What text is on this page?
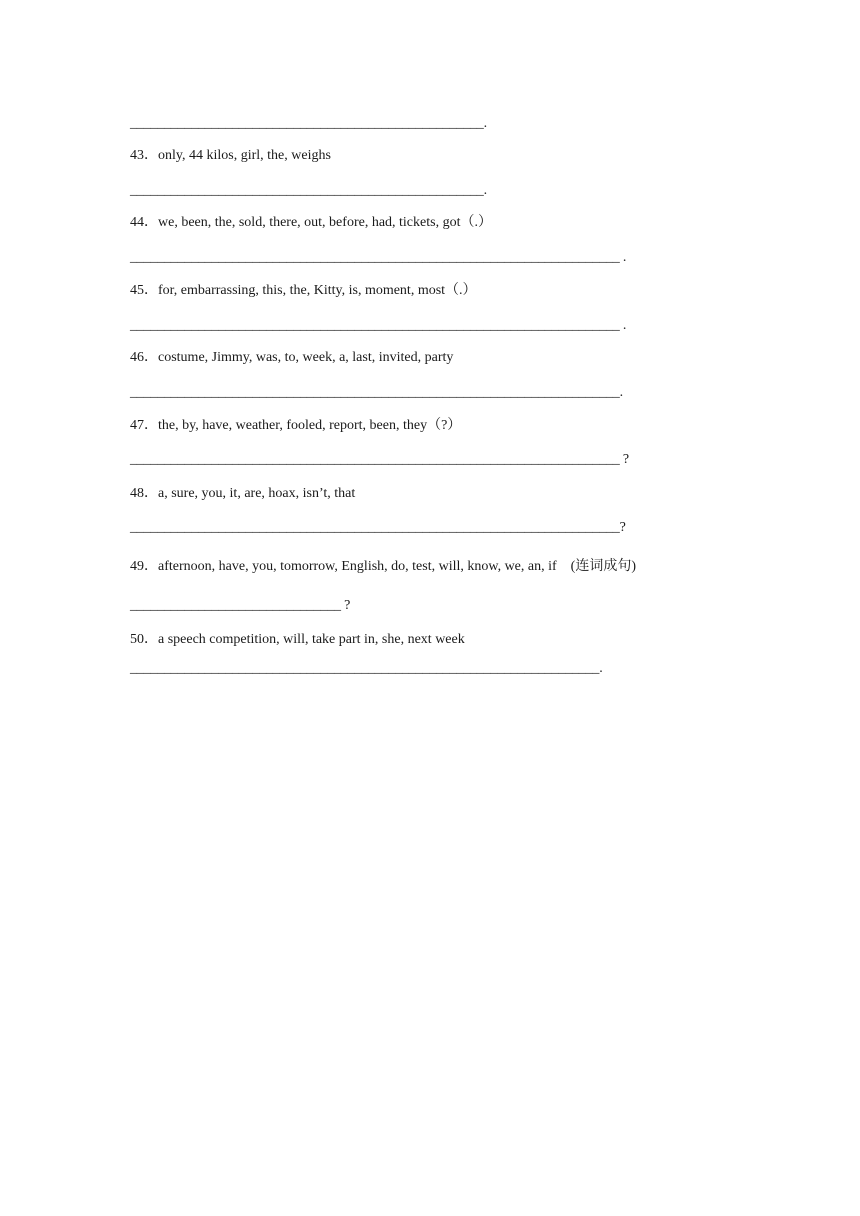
____________________________________________________.
43．only, 44 kilos, girl, the, weighs
____________________________________________________.
44．we, been, the, sold, there, out, before, had, tickets, got（.）
________________________________________________________________________ .
45．for, embarrassing, this, the, Kitty, is, moment, most（.）
________________________________________________________________________ .
46．costume, Jimmy, was, to, week, a, last, invited, party
________________________________________________________________________.
47．the, by, have, weather, fooled, report, been, they（?）
________________________________________________________________________ ?
48．a, sure, you, it, are, hoax, isn’t, that
________________________________________________________________________?
49．afternoon, have, you, tomorrow, English, do, test, will, know, we, an, if    (连词成句)
_______________________________ ?
50．a speech competition, will, take part in, she, next week
_____________________________________________________________________.
